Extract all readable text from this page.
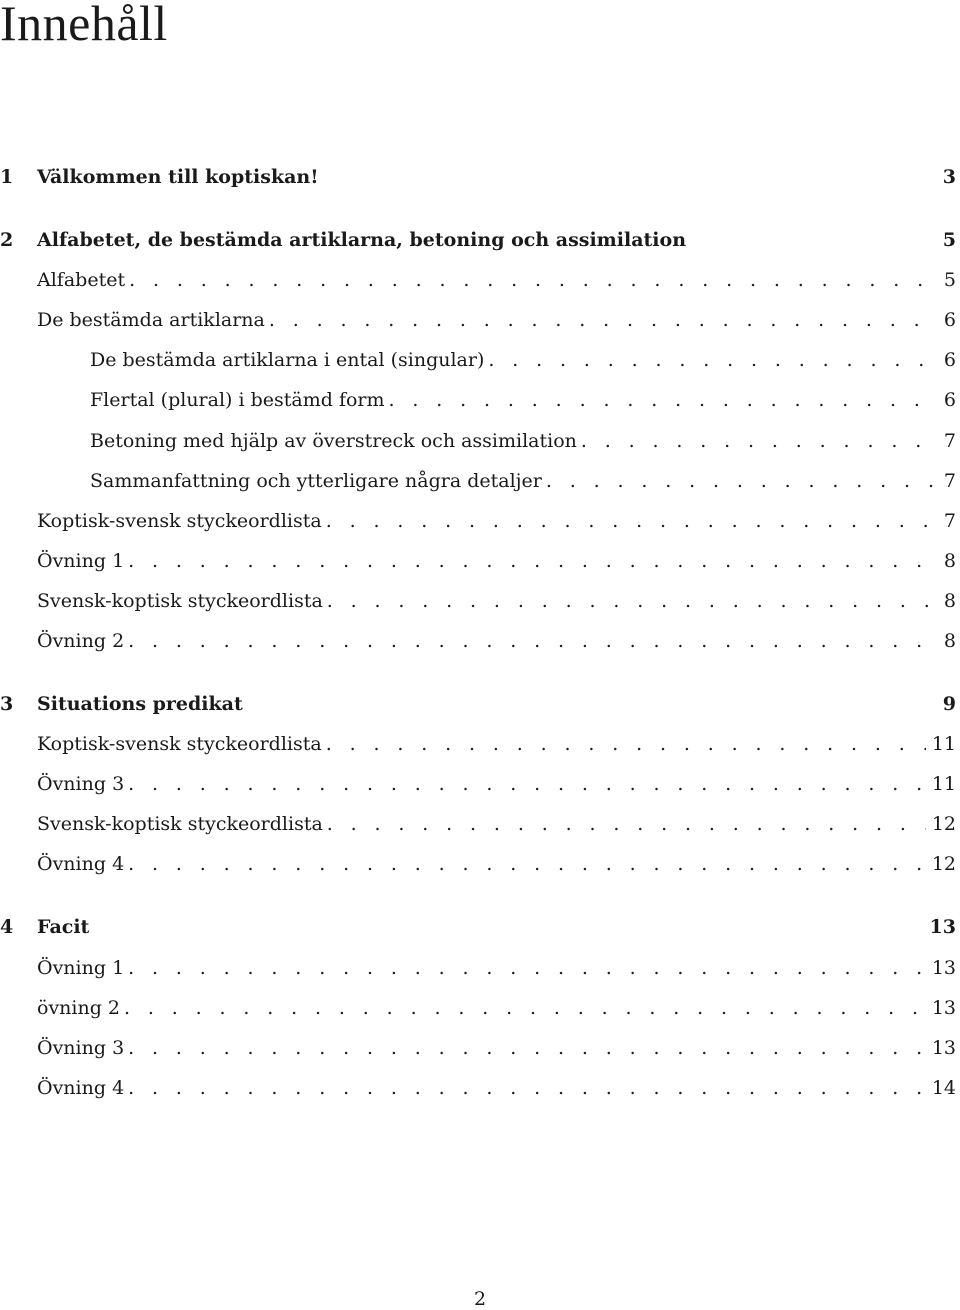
Innehåll
1	Välkommen till koptiskan!	3
2	Alfabetet, de bestämda artiklarna, betoning och assimilation	5
Alfabetet . . .	5
De bestämda artiklarna . . .	6
De bestämda artiklarna i ental (singular) . . .	6
Flertal (plural) i bestämd form . . .	6
Betoning med hjälp av överstreck och assimilation . . .	7
Sammanfattning och ytterligare några detaljer . . .	7
Koptisk-svensk styckeordlista . . .	7
Övning 1 . . .	8
Svensk-koptisk styckeordlista . . .	8
Övning 2 . . .	8
3	Situations predikat	9
Koptisk-svensk styckeordlista . . .	11
Övning 3 . . .	11
Svensk-koptisk styckeordlista . . .	12
Övning 4 . . .	12
4	Facit	13
Övning 1 . . .	13
övning 2 . . .	13
Övning 3 . . .	13
Övning 4 . . .	14
2
